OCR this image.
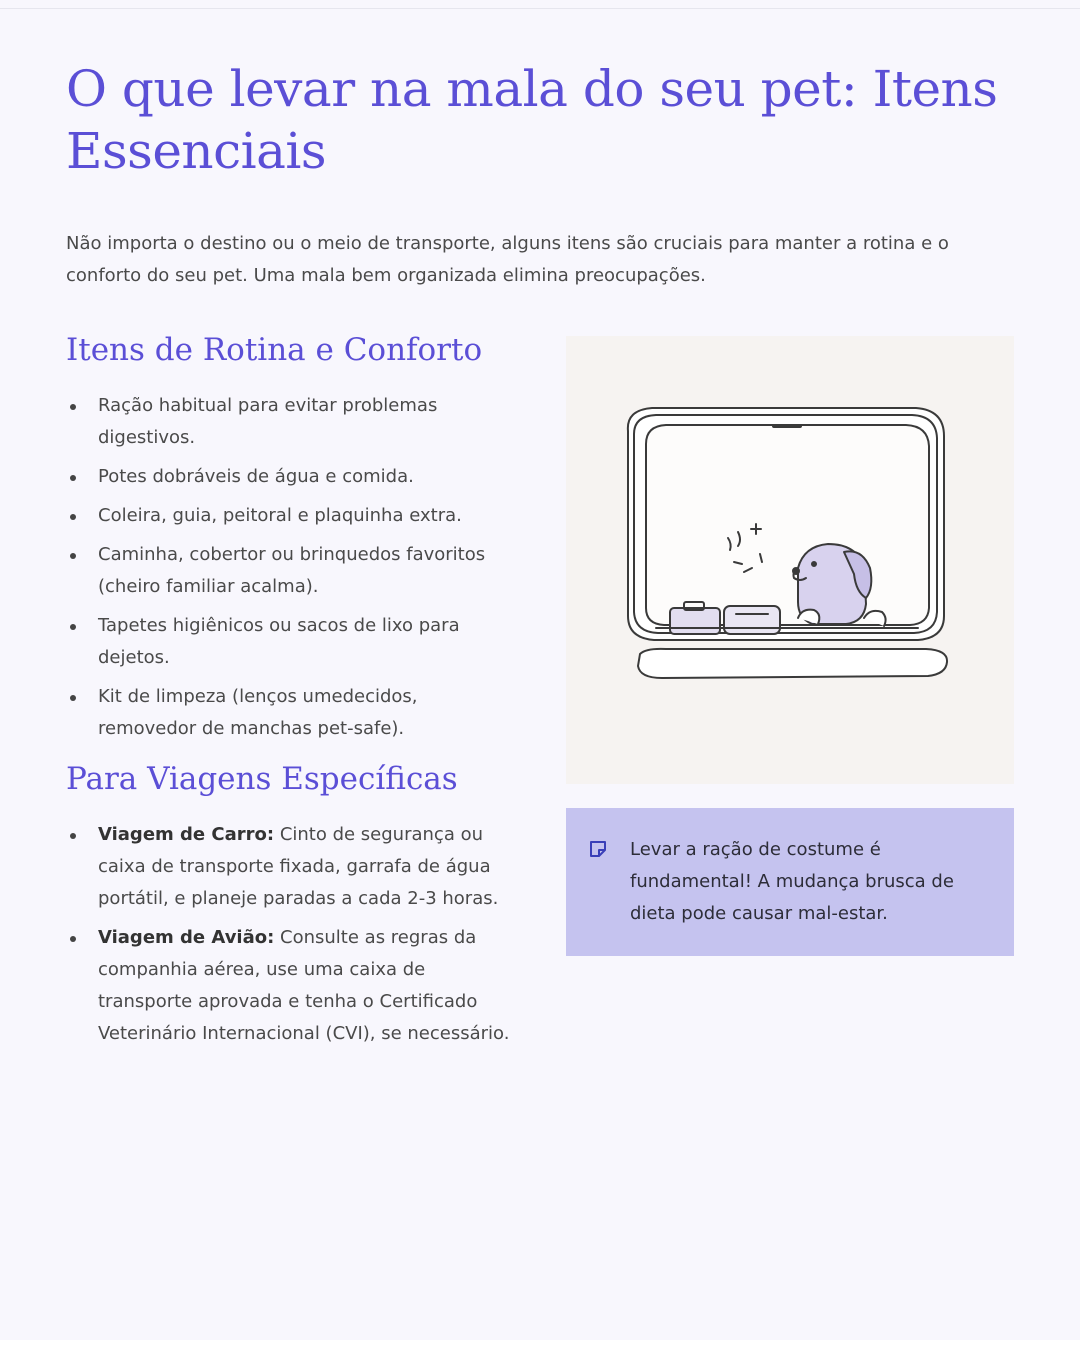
O que levar na mala do seu pet: Itens Essenciais

Não importa o destino ou o meio de transporte, alguns itens são cruciais para manter a rotina e o conforto do seu pet. Uma mala bem organizada elimina preocupações.

Itens de Rotina e Conforto
Ração habitual para evitar problemas digestivos.
Potes dobráveis de água e comida.
Coleira, guia, peitoral e plaquinha extra.
Caminha, cobertor ou brinquedos favoritos (cheiro familiar acalma).
Tapetes higiênicos ou sacos de lixo para dejetos.
Kit de limpeza (lenços umedecidos, removedor de manchas pet-safe).
Para Viagens Específicas
Viagem de Carro: Cinto de segurança ou caixa de transporte fixada, garrafa de água portátil, e planeje paradas a cada 2-3 horas.
Viagem de Avião: Consulte as regras da companhia aérea, use uma caixa de transporte aprovada e tenha o Certificado Veterinário Internacional (CVI), se necessário.
Levar a ração de costume é fundamental! A mudança brusca de dieta pode causar mal-estar.
